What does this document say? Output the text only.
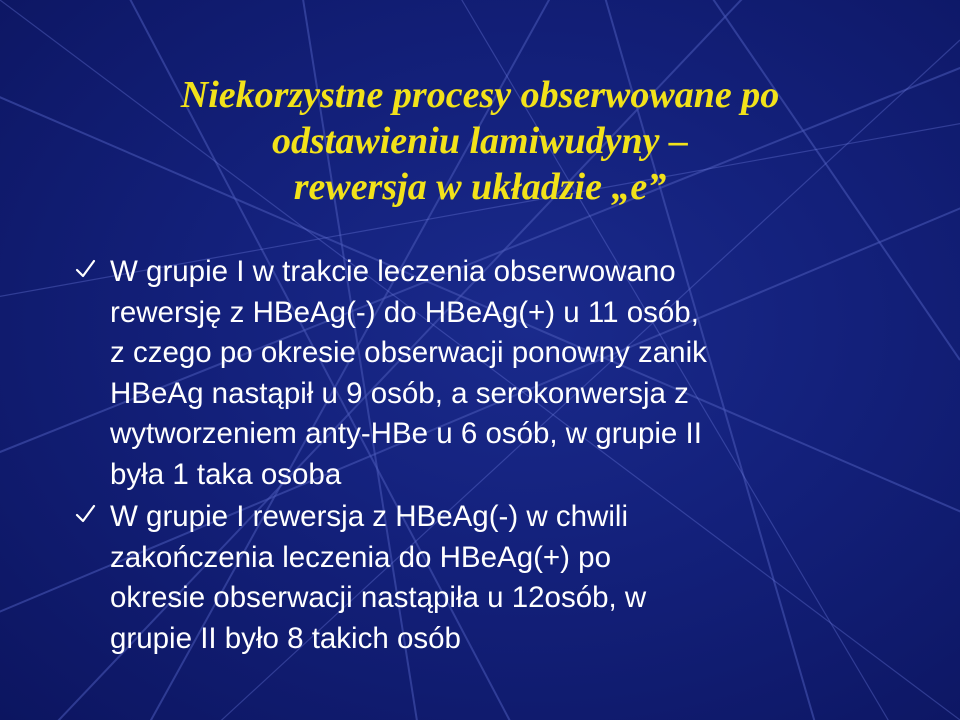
Niekorzystne procesy obserwowane po
odstawieniu lamiwudyny –
rewersja w układzie „e”
W grupie I w trakcie leczenia obserwowano
rewersję z HBeAg(-) do HBeAg(+) u 11 osób,
z czego po okresie obserwacji ponowny zanik
HBeAg nastąpił u 9 osób, a serokonwersja z
wytworzeniem anty-HBe u 6 osób, w grupie II
była 1 taka osoba
W grupie I rewersja z HBeAg(-) w chwili
zakończenia leczenia do HBeAg(+) po
okresie obserwacji nastąpiła u 12osób, w
grupie II było 8 takich osób
